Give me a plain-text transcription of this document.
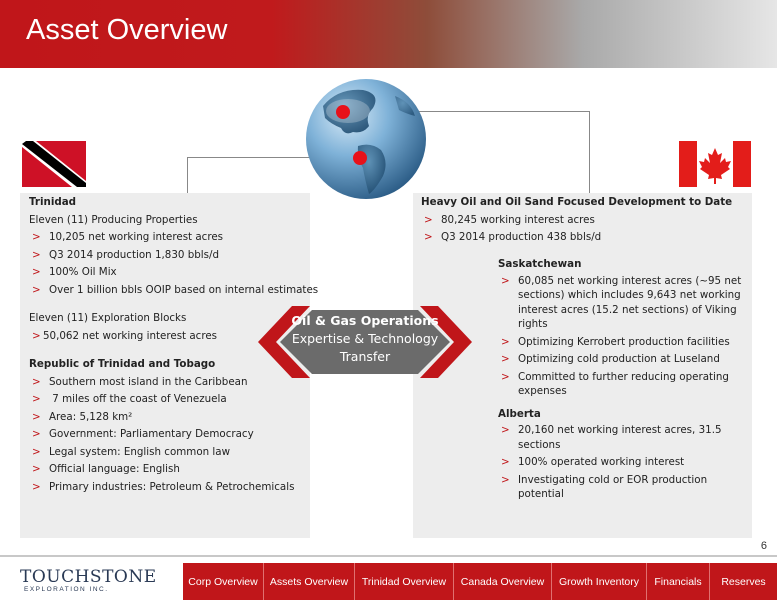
Asset Overview
Trinidad
Eleven (11) Producing Properties
> 10,205 net working interest acres
> Q3 2014 production 1,830 bbls/d
> 100% Oil Mix
> Over 1 billion bbls OOIP based on internal estimates
Eleven (11) Exploration Blocks
> 50,062 net working interest acres
Republic of Trinidad and Tobago
> Southern most island in the Caribbean
> 7 miles off the coast of Venezuela
> Area: 5,128 km²
> Government: Parliamentary Democracy
> Legal system: English common law
> Official language: English
> Primary industries: Petroleum & Petrochemicals
Heavy Oil and Oil Sand Focused Development to Date
> 80,245 working interest acres
> Q3 2014 production 438 bbls/d
Saskatchewan
> 60,085 net working interest acres (~95 net sections) which includes 9,643 net working interest acres (15.2 net sections) of Viking rights
> Optimizing Kerrobert production facilities
> Optimizing cold production at Luseland
> Committed to further reducing operating expenses
Alberta
> 20,160 net working interest acres, 31.5 sections
> 100% operated working interest
> Investigating cold or EOR production potential
Oil & Gas Operations
Expertise & Technology
Transfer
6
TOUCHSTONE
EXPLORATION INC.
Corp Overview	Assets Overview	Trinidad Overview	Canada Overview	Growth Inventory	Financials	Reserves
